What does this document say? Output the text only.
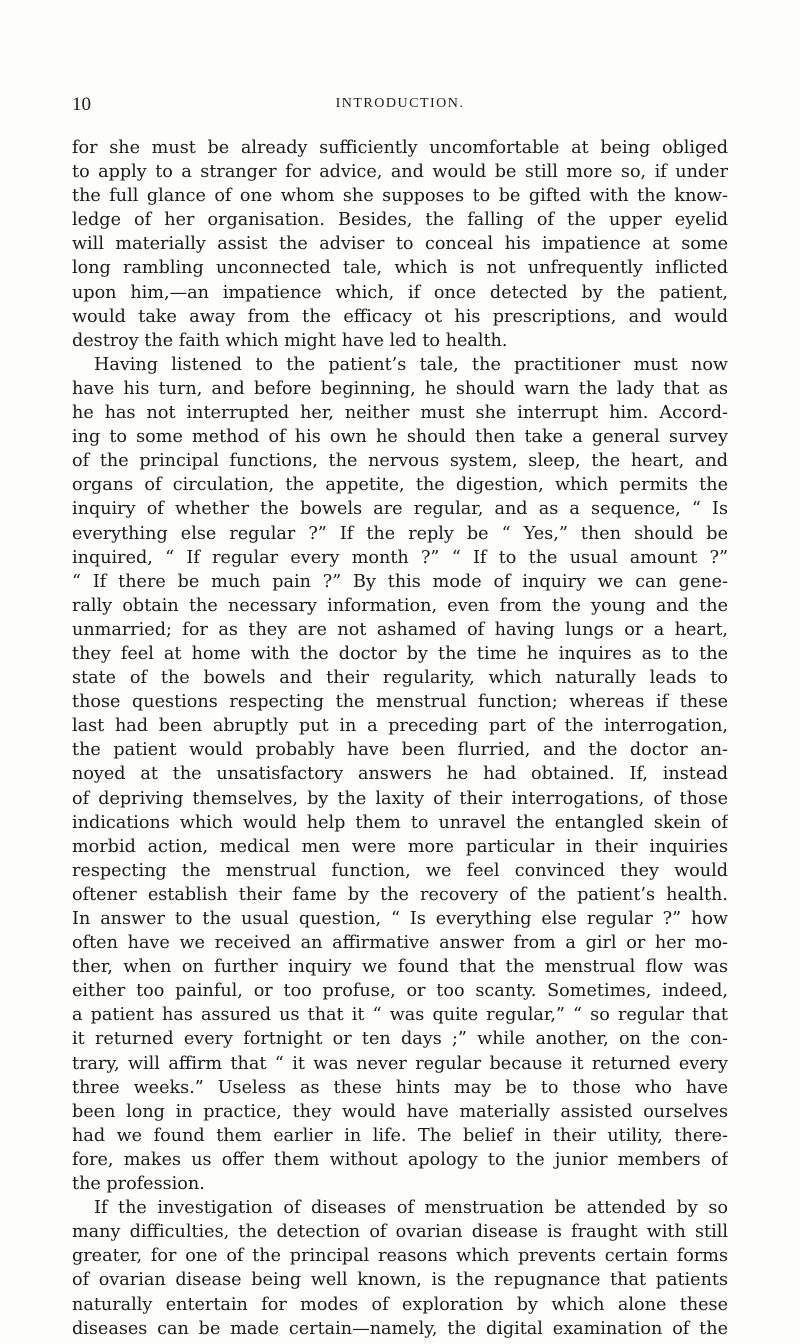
10	INTRODUCTION.
for she must be already sufficiently uncomfortable at being obliged
to apply to a stranger for advice, and would be still more so, if under
the full glance of one whom she supposes to be gifted with the know-
ledge of her organisation. Besides, the falling of the upper eyelid
will materially assist the adviser to conceal his impatience at some
long rambling unconnected tale, which is not unfrequently inflicted
upon him,—an impatience which, if once detected by the patient,
would take away from the efficacy ot his prescriptions, and would
destroy the faith which might have led to health.
Having listened to the patient’s tale, the practitioner must now
have his turn, and before beginning, he should warn the lady that as
he has not interrupted her, neither must she interrupt him. Accord-
ing to some method of his own he should then take a general survey
of the principal functions, the nervous system, sleep, the heart, and
organs of circulation, the appetite, the digestion, which permits the
inquiry of whether the bowels are regular, and as a sequence, “ Is
everything else regular ?” If the reply be “ Yes,” then should be
inquired, “ If regular every month ?” “ If to the usual amount ?”
“ If there be much pain ?” By this mode of inquiry we can gene-
rally obtain the necessary information, even from the young and the
unmarried; for as they are not ashamed of having lungs or a heart,
they feel at home with the doctor by the time he inquires as to the
state of the bowels and their regularity, which naturally leads to
those questions respecting the menstrual function; whereas if these
last had been abruptly put in a preceding part of the interrogation,
the patient would probably have been flurried, and the doctor an-
noyed at the unsatisfactory answers he had obtained. If, instead
of depriving themselves, by the laxity of their interrogations, of those
indications which would help them to unravel the entangled skein of
morbid action, medical men were more particular in their inquiries
respecting the menstrual function, we feel convinced they would
oftener establish their fame by the recovery of the patient’s health.
In answer to the usual question, “ Is everything else regular ?” how
often have we received an affirmative answer from a girl or her mo-
ther, when on further inquiry we found that the menstrual flow was
either too painful, or too profuse, or too scanty. Sometimes, indeed,
a patient has assured us that it “ was quite regular,” “ so regular that
it returned every fortnight or ten days ;” while another, on the con-
trary, will affirm that “ it was never regular because it returned every
three weeks.” Useless as these hints may be to those who have
been long in practice, they would have materially assisted ourselves
had we found them earlier in life. The belief in their utility, there-
fore, makes us offer them without apology to the junior members of
the profession.
If the investigation of diseases of menstruation be attended by so
many difficulties, the detection of ovarian disease is fraught with still
greater, for one of the principal reasons which prevents certain forms
of ovarian disease being well known, is the repugnance that patients
naturally entertain for modes of exploration by which alone these
diseases can be made certain—namely, the digital examination of the
